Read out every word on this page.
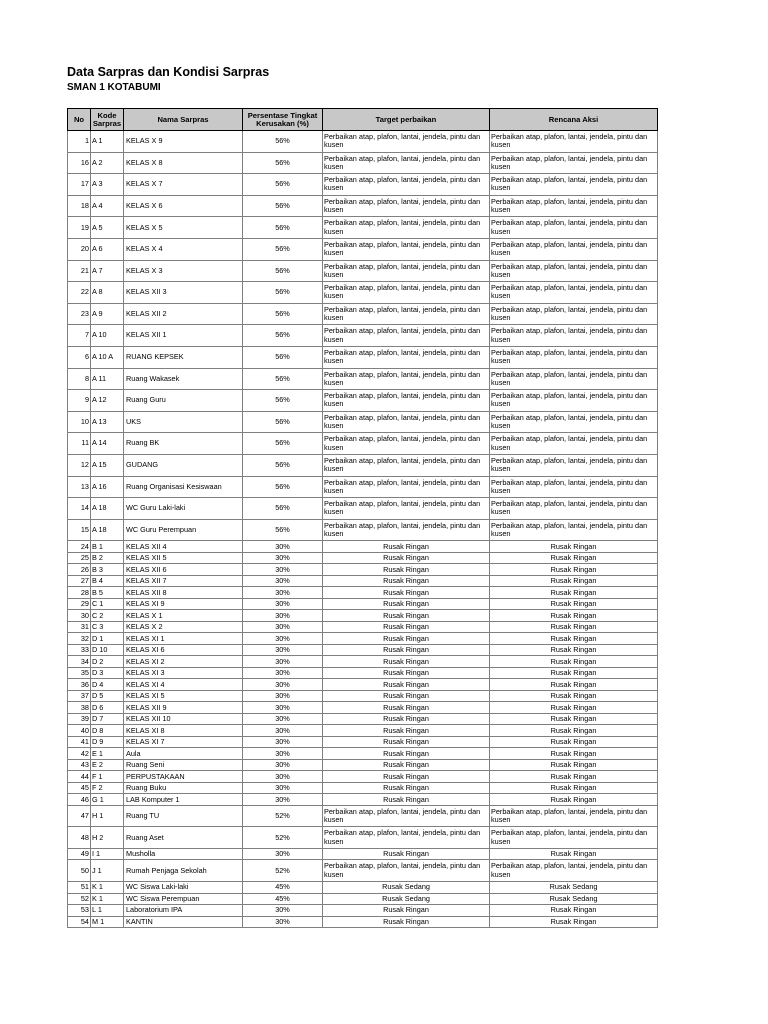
Data Sarpras dan Kondisi Sarpras
SMAN 1 KOTABUMI
No	Kode Sarpras	Nama Sarpras	Persentase Tingkat Kerusakan (%)	Target perbaikan	Rencana Aksi
1	A 1	KELAS X 9	56%	Perbaikan atap, plafon, lantai, jendela, pintu dan kusen	Perbaikan atap, plafon, lantai, jendela, pintu dan kusen
16	A 2	KELAS X 8	56%	Perbaikan atap, plafon, lantai, jendela, pintu dan kusen	Perbaikan atap, plafon, lantai, jendela, pintu dan kusen
17	A 3	KELAS X 7	56%	Perbaikan atap, plafon, lantai, jendela, pintu dan kusen	Perbaikan atap, plafon, lantai, jendela, pintu dan kusen
18	A 4	KELAS X 6	56%	Perbaikan atap, plafon, lantai, jendela, pintu dan kusen	Perbaikan atap, plafon, lantai, jendela, pintu dan kusen
19	A 5	KELAS X 5	56%	Perbaikan atap, plafon, lantai, jendela, pintu dan kusen	Perbaikan atap, plafon, lantai, jendela, pintu dan kusen
20	A 6	KELAS X 4	56%	Perbaikan atap, plafon, lantai, jendela, pintu dan kusen	Perbaikan atap, plafon, lantai, jendela, pintu dan kusen
21	A 7	KELAS X 3	56%	Perbaikan atap, plafon, lantai, jendela, pintu dan kusen	Perbaikan atap, plafon, lantai, jendela, pintu dan kusen
22	A 8	KELAS XII 3	56%	Perbaikan atap, plafon, lantai, jendela, pintu dan kusen	Perbaikan atap, plafon, lantai, jendela, pintu dan kusen
23	A 9	KELAS XII 2	56%	Perbaikan atap, plafon, lantai, jendela, pintu dan kusen	Perbaikan atap, plafon, lantai, jendela, pintu dan kusen
7	A 10	KELAS XII 1	56%	Perbaikan atap, plafon, lantai, jendela, pintu dan kusen	Perbaikan atap, plafon, lantai, jendela, pintu dan kusen
6	A 10 A	RUANG KEPSEK	56%	Perbaikan atap, plafon, lantai, jendela, pintu dan kusen	Perbaikan atap, plafon, lantai, jendela, pintu dan kusen
8	A 11	Ruang Wakasek	56%	Perbaikan atap, plafon, lantai, jendela, pintu dan kusen	Perbaikan atap, plafon, lantai, jendela, pintu dan kusen
9	A 12	Ruang Guru	56%	Perbaikan atap, plafon, lantai, jendela, pintu dan kusen	Perbaikan atap, plafon, lantai, jendela, pintu dan kusen
10	A 13	UKS	56%	Perbaikan atap, plafon, lantai, jendela, pintu dan kusen	Perbaikan atap, plafon, lantai, jendela, pintu dan kusen
11	A 14	Ruang BK	56%	Perbaikan atap, plafon, lantai, jendela, pintu dan kusen	Perbaikan atap, plafon, lantai, jendela, pintu dan kusen
12	A 15	GUDANG	56%	Perbaikan atap, plafon, lantai, jendela, pintu dan kusen	Perbaikan atap, plafon, lantai, jendela, pintu dan kusen
13	A 16	Ruang Organisasi Kesiswaan	56%	Perbaikan atap, plafon, lantai, jendela, pintu dan kusen	Perbaikan atap, plafon, lantai, jendela, pintu dan kusen
14	A 18	WC Guru Laki-laki	56%	Perbaikan atap, plafon, lantai, jendela, pintu dan kusen	Perbaikan atap, plafon, lantai, jendela, pintu dan kusen
15	A 18	WC Guru Perempuan	56%	Perbaikan atap, plafon, lantai, jendela, pintu dan kusen	Perbaikan atap, plafon, lantai, jendela, pintu dan kusen
24	B 1	KELAS XII 4	30%	Rusak Ringan	Rusak Ringan
25	B 2	KELAS XII 5	30%	Rusak Ringan	Rusak Ringan
26	B 3	KELAS XII 6	30%	Rusak Ringan	Rusak Ringan
27	B 4	KELAS XII 7	30%	Rusak Ringan	Rusak Ringan
28	B 5	KELAS XII 8	30%	Rusak Ringan	Rusak Ringan
29	C 1	KELAS XI 9	30%	Rusak Ringan	Rusak Ringan
30	C 2	KELAS X 1	30%	Rusak Ringan	Rusak Ringan
31	C 3	KELAS X 2	30%	Rusak Ringan	Rusak Ringan
32	D 1	KELAS XI 1	30%	Rusak Ringan	Rusak Ringan
33	D 10	KELAS XI 6	30%	Rusak Ringan	Rusak Ringan
34	D 2	KELAS XI 2	30%	Rusak Ringan	Rusak Ringan
35	D 3	KELAS XI 3	30%	Rusak Ringan	Rusak Ringan
36	D 4	KELAS XI 4	30%	Rusak Ringan	Rusak Ringan
37	D 5	KELAS XI 5	30%	Rusak Ringan	Rusak Ringan
38	D 6	KELAS XII 9	30%	Rusak Ringan	Rusak Ringan
39	D 7	KELAS XII 10	30%	Rusak Ringan	Rusak Ringan
40	D 8	KELAS XI 8	30%	Rusak Ringan	Rusak Ringan
41	D 9	KELAS XI 7	30%	Rusak Ringan	Rusak Ringan
42	E 1	Aula	30%	Rusak Ringan	Rusak Ringan
43	E 2	Ruang Seni	30%	Rusak Ringan	Rusak Ringan
44	F 1	PERPUSTAKAAN	30%	Rusak Ringan	Rusak Ringan
45	F 2	Ruang Buku	30%	Rusak Ringan	Rusak Ringan
46	G 1	LAB Komputer 1	30%	Rusak Ringan	Rusak Ringan
47	H 1	Ruang TU	52%	Perbaikan atap, plafon, lantai, jendela, pintu dan kusen	Perbaikan atap, plafon, lantai, jendela, pintu dan kusen
48	H 2	Ruang Aset	52%	Perbaikan atap, plafon, lantai, jendela, pintu dan kusen	Perbaikan atap, plafon, lantai, jendela, pintu dan kusen
49	I 1	Musholla	30%	Rusak Ringan	Rusak Ringan
50	J 1	Rumah Penjaga Sekolah	52%	Perbaikan atap, plafon, lantai, jendela, pintu dan kusen	Perbaikan atap, plafon, lantai, jendela, pintu dan kusen
51	K 1	WC Siswa Laki-laki	45%	Rusak Sedang	Rusak Sedang
52	K 1	WC Siswa Perempuan	45%	Rusak Sedang	Rusak Sedang
53	L 1	Laboratorium IPA	30%	Rusak Ringan	Rusak Ringan
54	M 1	KANTIN	30%	Rusak Ringan	Rusak Ringan
